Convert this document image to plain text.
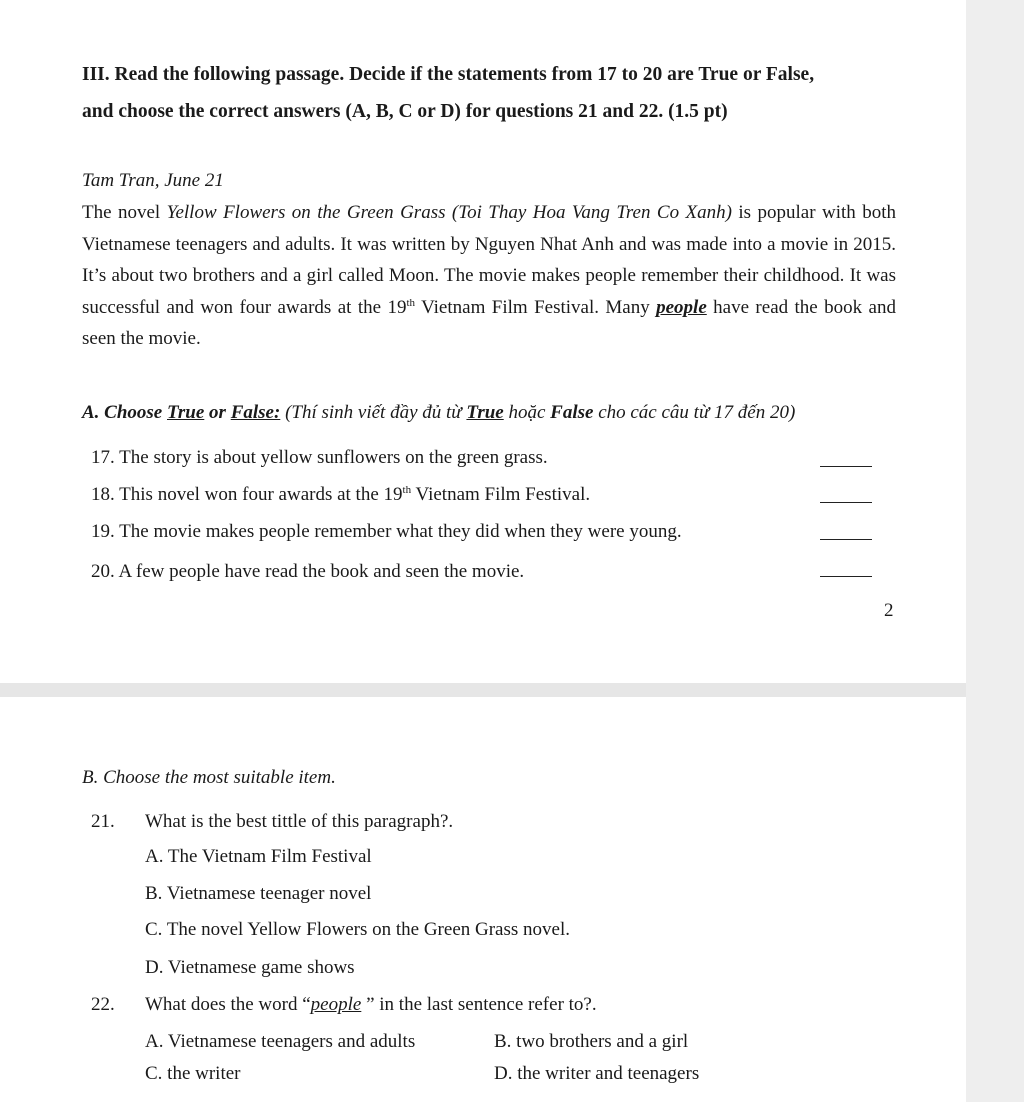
III. Read the following passage. Decide if the statements from 17 to 20 are True or False,
and choose the correct answers (A, B, C or D) for questions 21 and 22. (1.5 pt)
Tam Tran, June 21
The novel Yellow Flowers on the Green Grass (Toi Thay Hoa Vang Tren Co Xanh) is popular with both Vietnamese teenagers and adults. It was written by Nguyen Nhat Anh and was made into a movie in 2015. It’s about two brothers and a girl called Moon. The movie makes people remember their childhood. It was successful and won four awards at the 19th Vietnam Film Festival. Many people have read the book and seen the movie.
A. Choose True or False: (Thí sinh viết đầy đủ từ True hoặc False cho các câu từ 17 đến 20)
17. The story is about yellow sunflowers on the green grass.
18. This novel won four awards at the 19th Vietnam Film Festival.
19. The movie makes people remember what they did when they were young.
20. A few people have read the book and seen the movie.
2
B. Choose the most suitable item.
21. What is the best tittle of this paragraph?.
A. The Vietnam Film Festival
B. Vietnamese teenager novel
C. The novel Yellow Flowers on the Green Grass novel.
D. Vietnamese game shows
22. What does the word “people ” in the last sentence refer to?.
A. Vietnamese teenagers and adults	B. two brothers and a girl
C. the writer	D. the writer and teenagers
